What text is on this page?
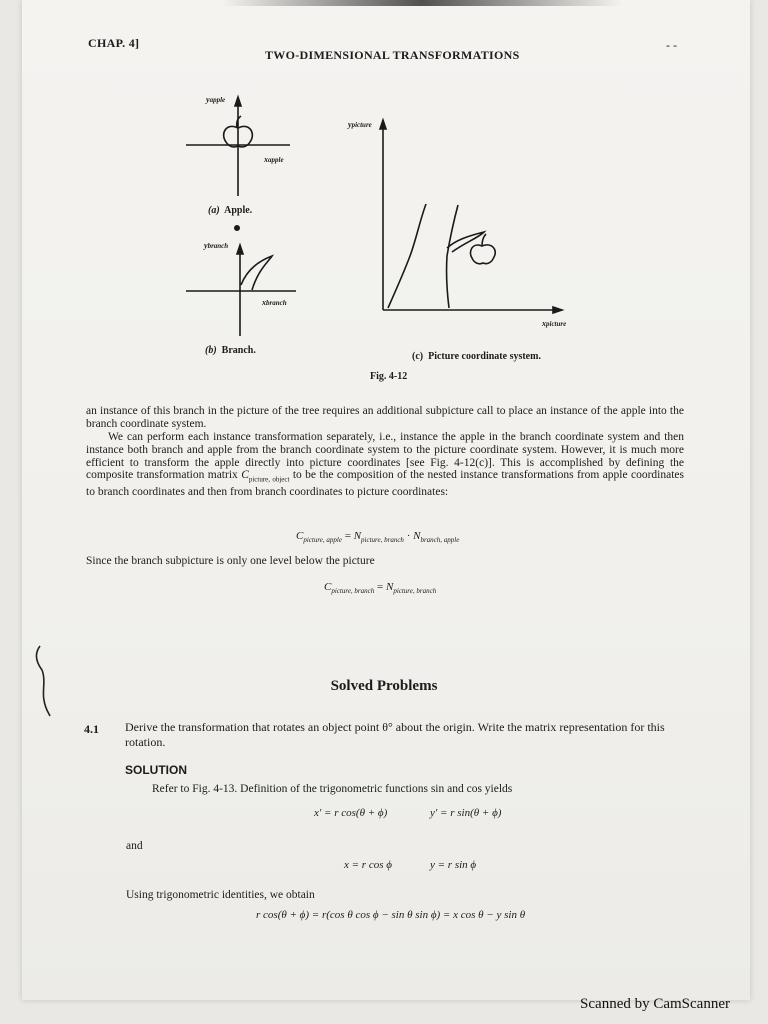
CHAP. 4]
TWO-DIMENSIONAL TRANSFORMATIONS
- -
yapple
xapple
(a) Apple.
ybranch
xbranch
(b) Branch.
ypicture
xpicture
(c) Picture coordinate system.
Fig. 4-12
an instance of this branch in the picture of the tree requires an additional subpicture call to place an instance of the apple into the branch coordinate system.
We can perform each instance transformation separately, i.e., instance the apple in the branch coordinate system and then instance both branch and apple from the branch coordinate system to the picture coordinate system. However, it is much more efficient to transform the apple directly into picture coordinates [see Fig. 4-12(c)]. This is accomplished by defining the composite transformation matrix $C_{picture, object}$ to be the composition of the nested instance transformations from apple coordinates to branch coordinates and then from branch coordinates to picture coordinates:
$C_{picture, apple} = N_{picture, branch} \cdot N_{branch, apple}$
Since the branch subpicture is only one level below the picture
$C_{picture, branch} = N_{picture, branch}$
Solved Problems
4.1 Derive the transformation that rotates an object point θ° about the origin. Write the matrix representation for this rotation.
SOLUTION
Refer to Fig. 4-13. Definition of the trigonometric functions sin and cos yields
x′ = r cos(θ + ϕ)	y′ = r sin(θ + ϕ)
and
x = r cos ϕ	y = r sin ϕ
Using trigonometric identities, we obtain
r cos(θ + ϕ) = r(cos θ cos ϕ − sin θ sin ϕ) = x cos θ − y sin θ
Scanned by CamScanner
